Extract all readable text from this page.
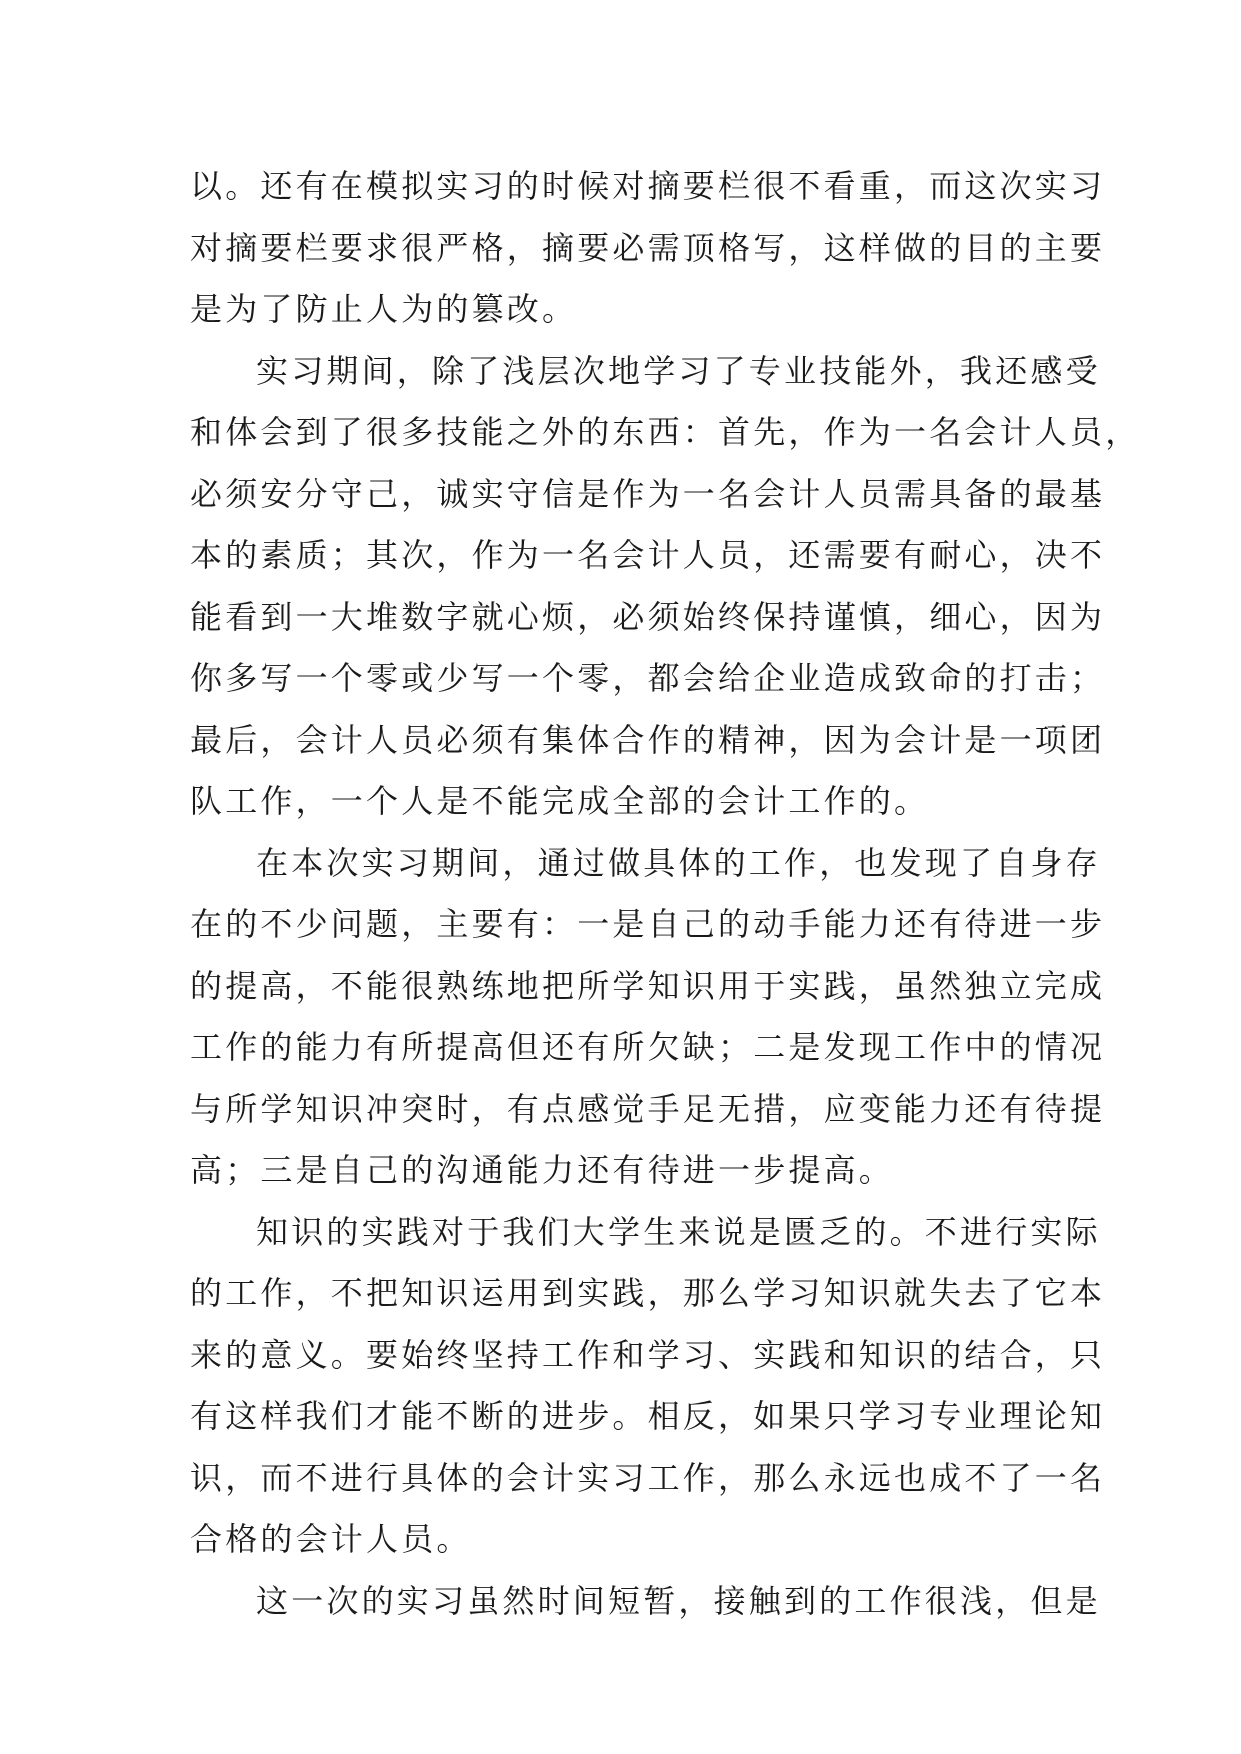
以。还有在模拟实习的时候对摘要栏很不看重，而这次实习
对摘要栏要求很严格，摘要必需顶格写，这样做的目的主要
是为了防止人为的篡改。
实习期间，除了浅层次地学习了专业技能外，我还感受
和体会到了很多技能之外的东西：首先，作为一名会计人员，
必须安分守己，诚实守信是作为一名会计人员需具备的最基
本的素质；其次，作为一名会计人员，还需要有耐心，决不
能看到一大堆数字就心烦，必须始终保持谨慎，细心，因为
你多写一个零或少写一个零，都会给企业造成致命的打击；
最后，会计人员必须有集体合作的精神，因为会计是一项团
队工作，一个人是不能完成全部的会计工作的。
在本次实习期间，通过做具体的工作，也发现了自身存
在的不少问题，主要有：一是自己的动手能力还有待进一步
的提高，不能很熟练地把所学知识用于实践，虽然独立完成
工作的能力有所提高但还有所欠缺；二是发现工作中的情况
与所学知识冲突时，有点感觉手足无措，应变能力还有待提
高；三是自己的沟通能力还有待进一步提高。
知识的实践对于我们大学生来说是匮乏的。不进行实际
的工作，不把知识运用到实践，那么学习知识就失去了它本
来的意义。要始终坚持工作和学习、实践和知识的结合，只
有这样我们才能不断的进步。相反，如果只学习专业理论知
识，而不进行具体的会计实习工作，那么永远也成不了一名
合格的会计人员。
这一次的实习虽然时间短暂，接触到的工作很浅，但是
